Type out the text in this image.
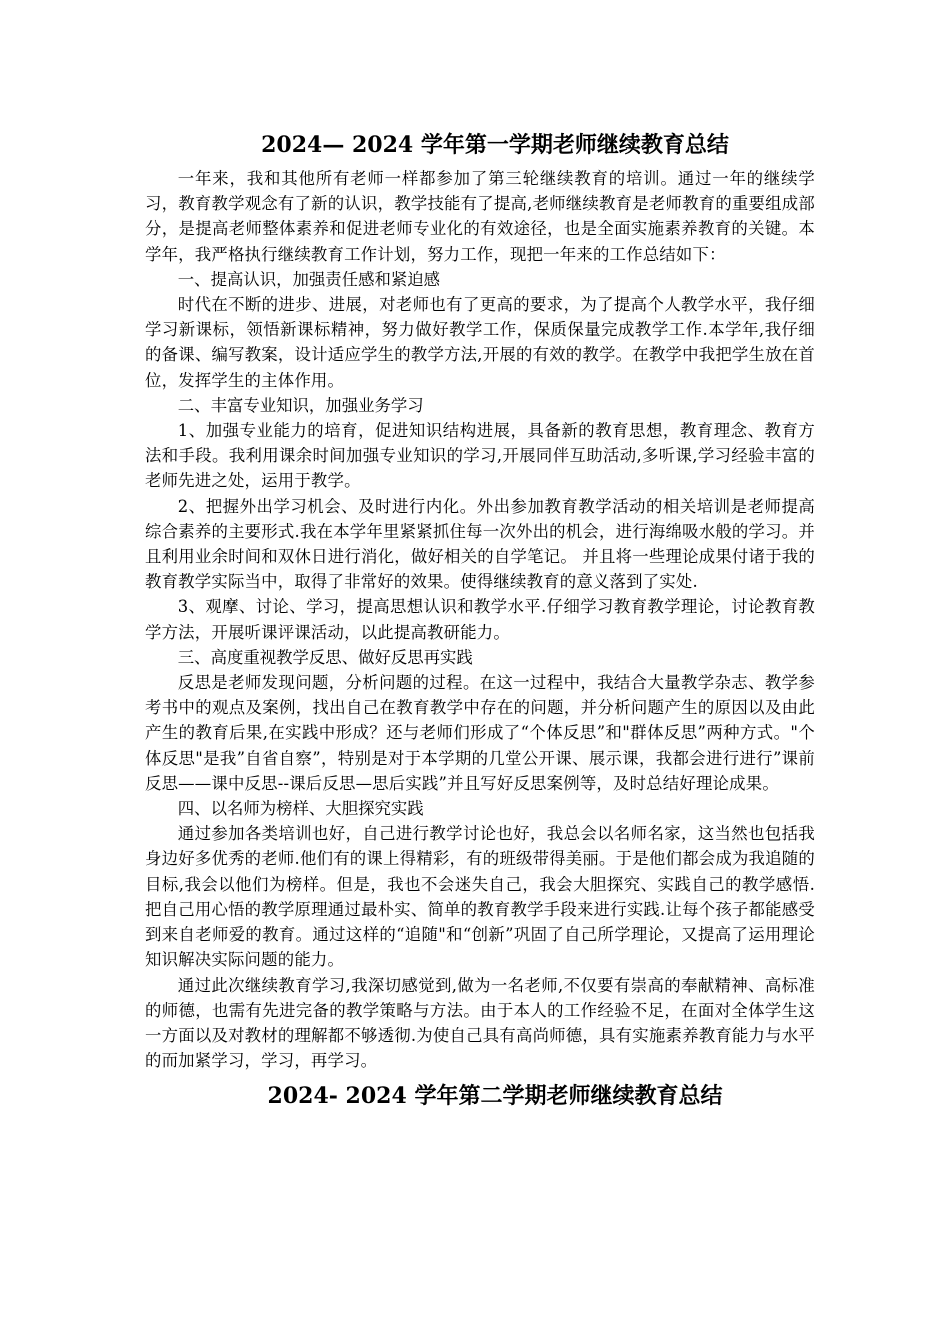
2024— 2024 学年第一学期老师继续教育总结

一年来，我和其他所有老师一样都参加了第三轮继续教育的培训。通过一年的继续学习，教育教学观念有了新的认识，教学技能有了提高,老师继续教育是老师教育的重要组成部分，是提高老师整体素养和促进老师专业化的有效途径，也是全面实施素养教育的关键。本学年，我严格执行继续教育工作计划，努力工作，现把一年来的工作总结如下：

一、提高认识，加强责任感和紧迫感

时代在不断的进步、进展，对老师也有了更高的要求，为了提高个人教学水平，我仔细学习新课标，领悟新课标精神，努力做好教学工作，保质保量完成教学工作.本学年,我仔细的备课、编写教案，设计适应学生的教学方法,开展的有效的教学。在教学中我把学生放在首位，发挥学生的主体作用。

二、丰富专业知识，加强业务学习

1、加强专业能力的培育，促进知识结构进展，具备新的教育思想，教育理念、教育方法和手段。我利用课余时间加强专业知识的学习,开展同伴互助活动,多听课,学习经验丰富的老师先进之处，运用于教学。

2、把握外出学习机会、及时进行内化。外出参加教育教学活动的相关培训是老师提高综合素养的主要形式.我在本学年里紧紧抓住每一次外出的机会，进行海绵吸水般的学习。并且利用业余时间和双休日进行消化，做好相关的自学笔记。 并且将一些理论成果付诸于我的教育教学实际当中，取得了非常好的效果。使得继续教育的意义落到了实处.

3、观摩、讨论、学习，提高思想认识和教学水平.仔细学习教育教学理论，讨论教育教学方法，开展听课评课活动，以此提高教研能力。

三、高度重视教学反思、做好反思再实践

反思是老师发现问题，分析问题的过程。在这一过程中，我结合大量教学杂志、教学参考书中的观点及案例，找出自己在教育教学中存在的问题，并分析问题产生的原因以及由此产生的教育后果,在实践中形成？还与老师们形成了“个体反思”和"群体反思”两种方式。"个体反思"是我”自省自察”，特别是对于本学期的几堂公开课、展示课，我都会进行进行”课前反思——课中反思--课后反思—思后实践”并且写好反思案例等，及时总结好理论成果。

四、以名师为榜样、大胆探究实践

通过参加各类培训也好，自己进行教学讨论也好，我总会以名师名家，这当然也包括我身边好多优秀的老师.他们有的课上得精彩，有的班级带得美丽。于是他们都会成为我追随的目标,我会以他们为榜样。但是，我也不会迷失自己，我会大胆探究、实践自己的教学感悟.把自己用心悟的教学原理通过最朴实、简单的教育教学手段来进行实践.让每个孩子都能感受到来自老师爱的教育。通过这样的“追随"和“创新”巩固了自己所学理论，又提高了运用理论知识解决实际问题的能力。

通过此次继续教育学习,我深切感觉到,做为一名老师,不仅要有崇高的奉献精神、高标准的师德，也需有先进完备的教学策略与方法。由于本人的工作经验不足，在面对全体学生这一方面以及对教材的理解都不够透彻.为使自己具有高尚师德，具有实施素养教育能力与水平的而加紧学习，学习，再学习。

2024- 2024 学年第二学期老师继续教育总结
